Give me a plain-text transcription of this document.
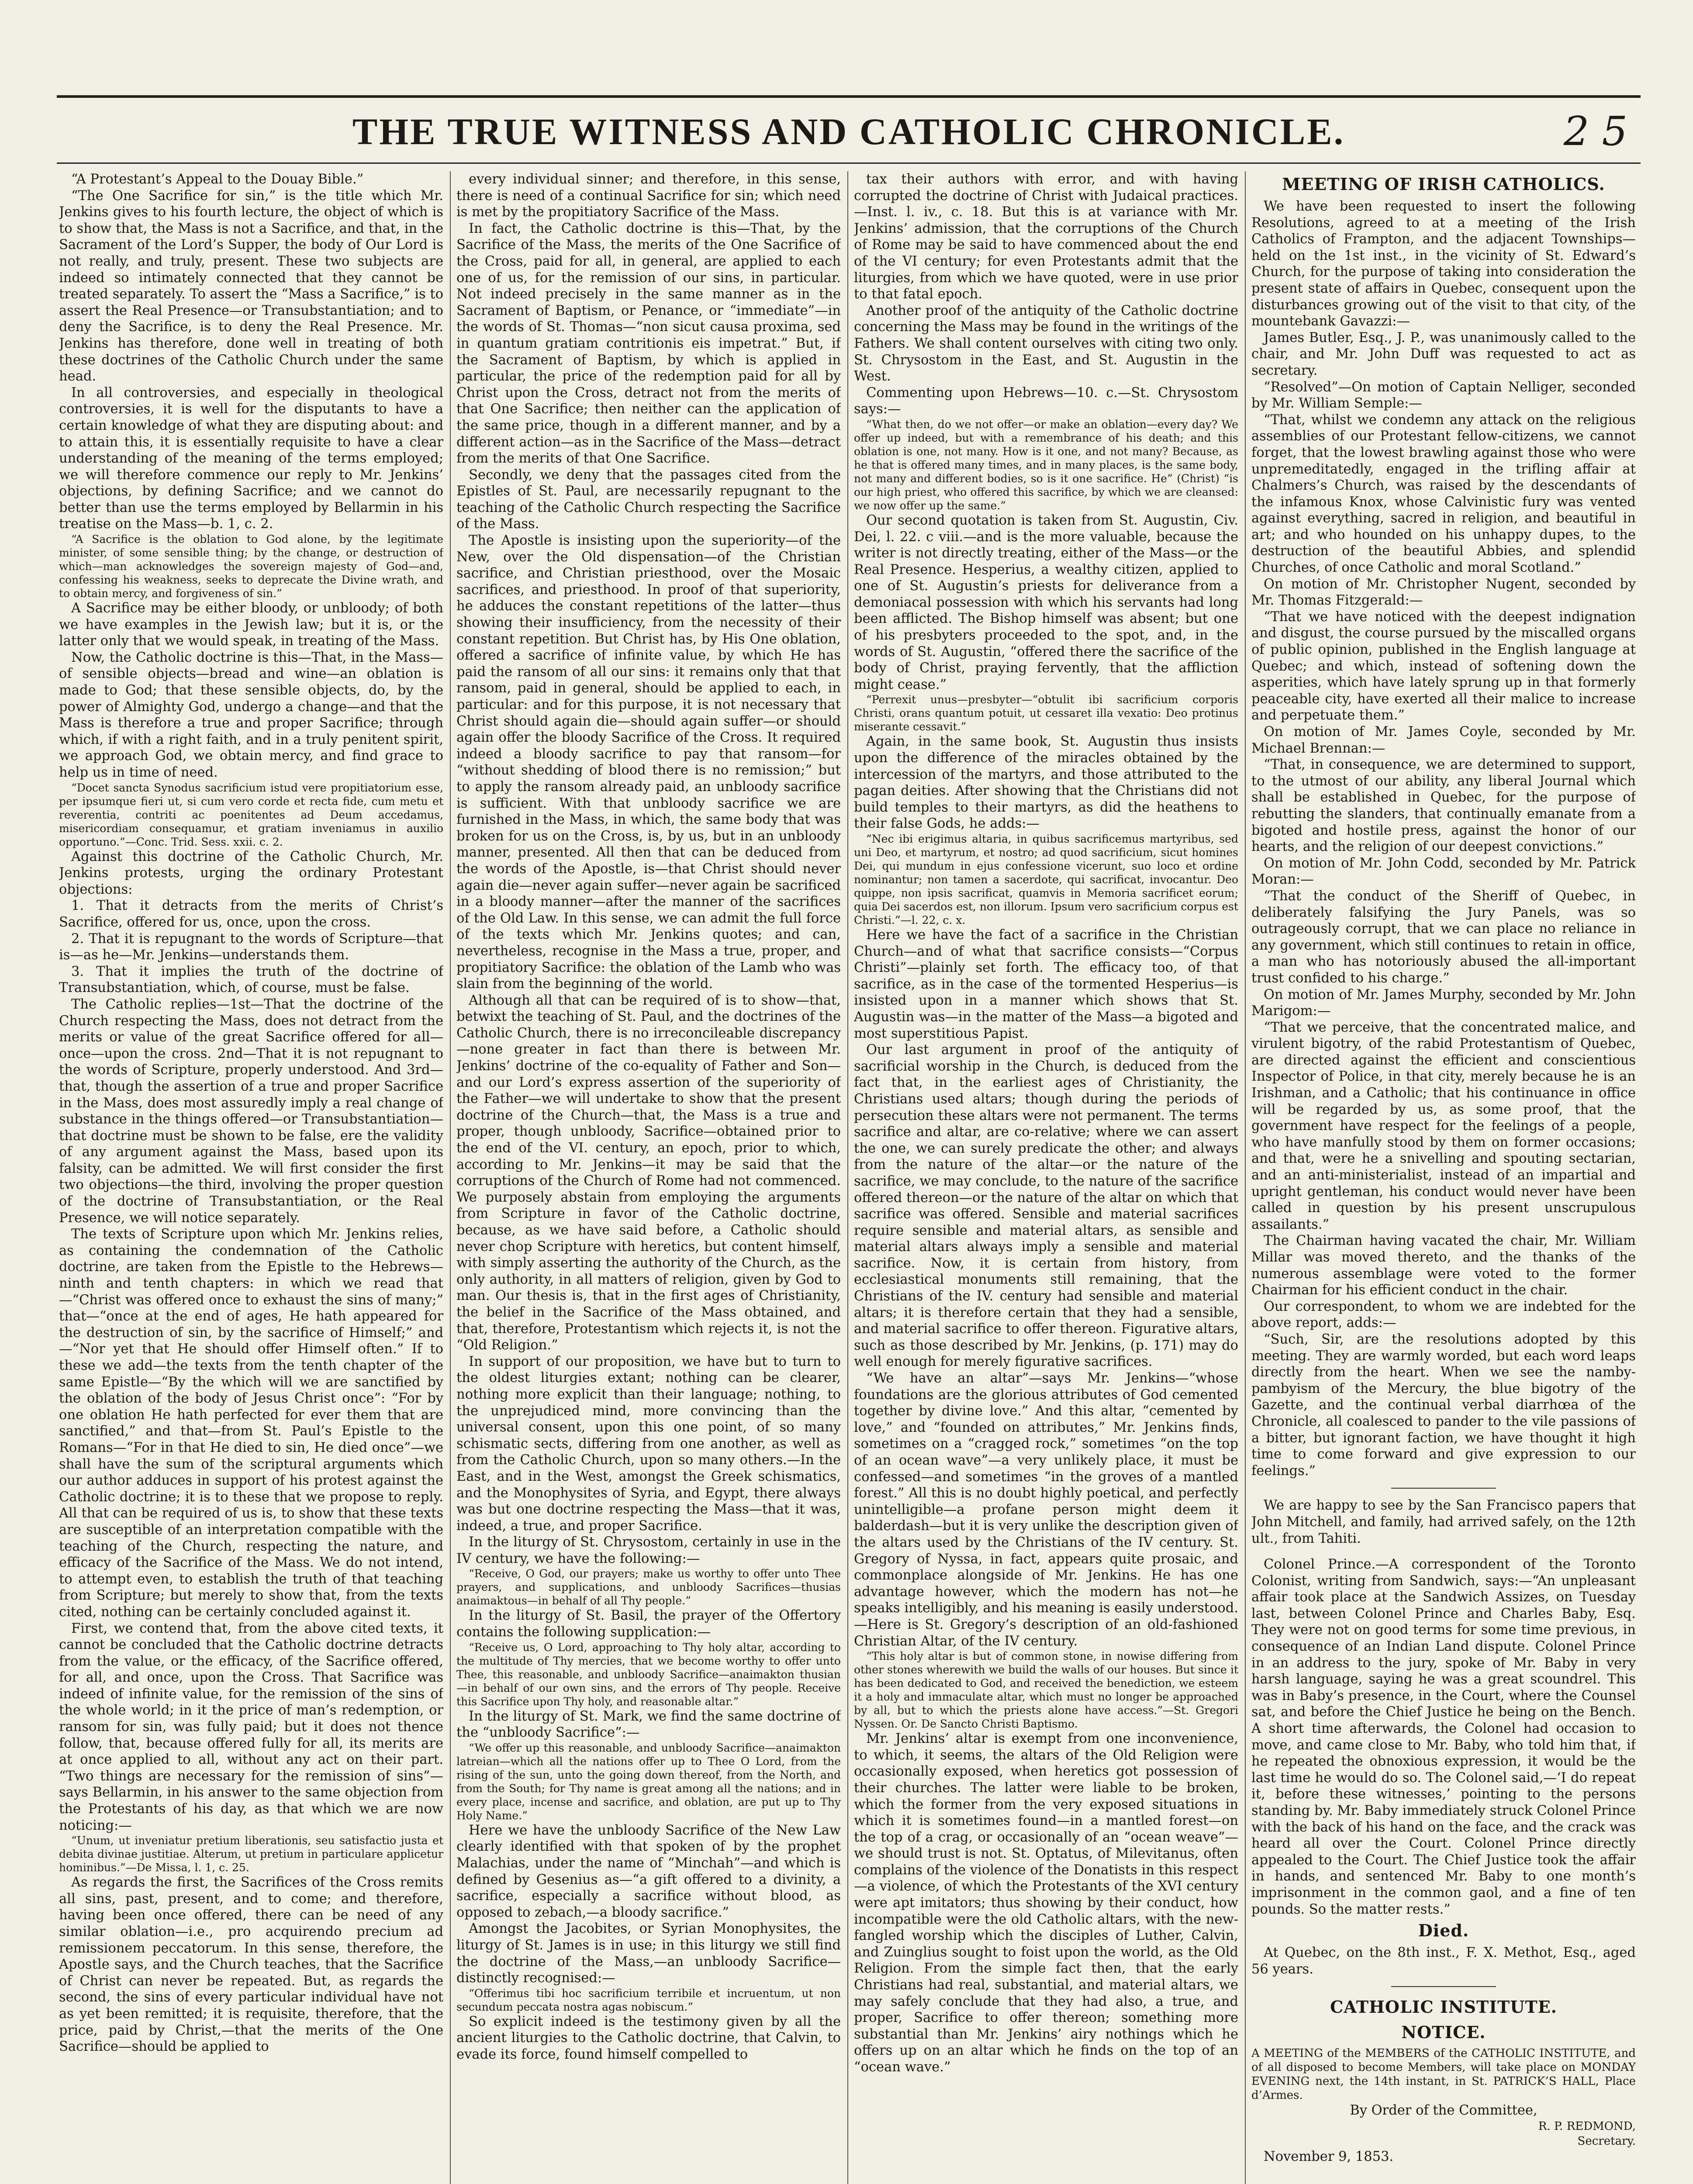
THE TRUE WITNESS AND CATHOLIC CHRONICLE.	2 5

“A Protestant’s Appeal to the Douay Bible.”

“The One Sacrifice for sin,” is the title which Mr. Jenkins gives to his fourth lecture, the object of which is to show that, the Mass is not a Sacrifice, and that, in the Sacrament of the Lord’s Supper, the body of Our Lord is not really, and truly, present. These two subjects are indeed so intimately connected that they cannot be treated separately. To assert the “Mass a Sacrifice,” is to assert the Real Presence—or Transubstantiation; and to deny the Sacrifice, is to deny the Real Presence. Mr. Jenkins has therefore, done well in treating of both these doctrines of the Catholic Church under the same head.

In all controversies, and especially in theological controversies, it is well for the disputants to have a certain knowledge of what they are disputing about: and to attain this, it is essentially requisite to have a clear understanding of the meaning of the terms employed; we will therefore commence our reply to Mr. Jenkins’ objections, by defining Sacrifice; and we cannot do better than use the terms employed by Bellarmin in his treatise on the Mass—b. 1, c. 2.

“A Sacrifice is the oblation to God alone, by the legitimate minister, of some sensible thing; by the change, or destruction of which—man acknowledges the sovereign majesty of God—and, confessing his weakness, seeks to deprecate the Divine wrath, and to obtain mercy, and forgiveness of sin.”

A Sacrifice may be either bloody, or unbloody; of both we have examples in the Jewish law; but it is, or the latter only that we would speak, in treating of the Mass.

Now, the Catholic doctrine is this—That, in the Mass—of sensible objects—bread and wine—an oblation is made to God; that these sensible objects, do, by the power of Almighty God, undergo a change—and that the Mass is therefore a true and proper Sacrifice; through which, if with a right faith, and in a truly penitent spirit, we approach God, we obtain mercy, and find grace to help us in time of need.

“Docet sancta Synodus sacrificium istud vere propitiatorium esse, per ipsumque fieri ut, si cum vero corde et recta fide, cum metu et reverentia, contriti ac poenitentes ad Deum accedamus, misericordiam consequamur, et gratiam inveniamus in auxilio opportuno.”—Conc. Trid. Sess. xxii. c. 2.

Against this doctrine of the Catholic Church, Mr. Jenkins protests, urging the ordinary Protestant objections:

1. That it detracts from the merits of Christ’s Sacrifice, offered for us, once, upon the cross.

2. That it is repugnant to the words of Scripture—that is—as he—Mr. Jenkins—understands them.

3. That it implies the truth of the doctrine of Transubstantiation, which, of course, must be false.

The Catholic replies—1st—That the doctrine of the Church respecting the Mass, does not detract from the merits or value of the great Sacrifice offered for all—once—upon the cross. 2nd—That it is not repugnant to the words of Scripture, properly understood. And 3rd—that, though the assertion of a true and proper Sacrifice in the Mass, does most assuredly imply a real change of substance in the things offered—or Transubstantiation—that doctrine must be shown to be false, ere the validity of any argument against the Mass, based upon its falsity, can be admitted. We will first consider the first two objections—the third, involving the proper question of the doctrine of Transubstantiation, or the Real Presence, we will notice separately.

The texts of Scripture upon which Mr. Jenkins relies, as containing the condemnation of the Catholic doctrine, are taken from the Epistle to the Hebrews—ninth and tenth chapters: in which we read that—“Christ was offered once to exhaust the sins of many;” that—“once at the end of ages, He hath appeared for the destruction of sin, by the sacrifice of Himself;” and—“Nor yet that He should offer Himself often.” If to these we add—the texts from the tenth chapter of the same Epistle—“By the which will we are sanctified by the oblation of the body of Jesus Christ once”: “For by one oblation He hath perfected for ever them that are sanctified,” and that—from St. Paul’s Epistle to the Romans—“For in that He died to sin, He died once”—we shall have the sum of the scriptural arguments which our author adduces in support of his protest against the Catholic doctrine; it is to these that we propose to reply. All that can be required of us is, to show that these texts are susceptible of an interpretation compatible with the teaching of the Church, respecting the nature, and efficacy of the Sacrifice of the Mass. We do not intend, to attempt even, to establish the truth of that teaching from Scripture; but merely to show that, from the texts cited, nothing can be certainly concluded against it.

First, we contend that, from the above cited texts, it cannot be concluded that the Catholic doctrine detracts from the value, or the efficacy, of the Sacrifice offered, for all, and once, upon the Cross. That Sacrifice was indeed of infinite value, for the remission of the sins of the whole world; in it the price of man’s redemption, or ransom for sin, was fully paid; but it does not thence follow, that, because offered fully for all, its merits are at once applied to all, without any act on their part. “Two things are necessary for the remission of sins”—says Bellarmin, in his answer to the same objection from the Protestants of his day, as that which we are now noticing:—

“Unum, ut inveniatur pretium liberationis, seu satisfactio justa et debita divinae justitiae. Alterum, ut pretium in particulare applicetur hominibus.”—De Missa, l. 1, c. 25.

As regards the first, the Sacrifices of the Cross remits all sins, past, present, and to come; and therefore, having been once offered, there can be need of any similar oblation—i.e., pro acquirendo precium ad remissionem peccatorum. In this sense, therefore, the Apostle says, and the Church teaches, that the Sacrifice of Christ can never be repeated. But, as regards the second, the sins of every particular individual have not as yet been remitted; it is requisite, therefore, that the price, paid by Christ,—that the merits of the One Sacrifice—should be applied to

every individual sinner; and therefore, in this sense, there is need of a continual Sacrifice for sin; which need is met by the propitiatory Sacrifice of the Mass.

In fact, the Catholic doctrine is this—That, by the Sacrifice of the Mass, the merits of the One Sacrifice of the Cross, paid for all, in general, are applied to each one of us, for the remission of our sins, in particular. Not indeed precisely in the same manner as in the Sacrament of Baptism, or Penance, or “immediate”—in the words of St. Thomas—“non sicut causa proxima, sed in quantum gratiam contritionis eis impetrat.” But, if the Sacrament of Baptism, by which is applied in particular, the price of the redemption paid for all by Christ upon the Cross, detract not from the merits of that One Sacrifice; then neither can the application of the same price, though in a different manner, and by a different action—as in the Sacrifice of the Mass—detract from the merits of that One Sacrifice.

Secondly, we deny that the passages cited from the Epistles of St. Paul, are necessarily repugnant to the teaching of the Catholic Church respecting the Sacrifice of the Mass.

The Apostle is insisting upon the superiority—of the New, over the Old dispensation—of the Christian sacrifice, and Christian priesthood, over the Mosaic sacrifices, and priesthood. In proof of that superiority, he adduces the constant repetitions of the latter—thus showing their insufficiency, from the necessity of their constant repetition. But Christ has, by His One oblation, offered a sacrifice of infinite value, by which He has paid the ransom of all our sins: it remains only that that ransom, paid in general, should be applied to each, in particular: and for this purpose, it is not necessary that Christ should again die—should again suffer—or should again offer the bloody Sacrifice of the Cross. It required indeed a bloody sacrifice to pay that ransom—for “without shedding of blood there is no remission;” but to apply the ransom already paid, an unbloody sacrifice is sufficient. With that unbloody sacrifice we are furnished in the Mass, in which, the same body that was broken for us on the Cross, is, by us, but in an unbloody manner, presented. All then that can be deduced from the words of the Apostle, is—that Christ should never again die—never again suffer—never again be sacrificed in a bloody manner—after the manner of the sacrifices of the Old Law. In this sense, we can admit the full force of the texts which Mr. Jenkins quotes; and can, nevertheless, recognise in the Mass a true, proper, and propitiatory Sacrifice: the oblation of the Lamb who was slain from the beginning of the world.

Although all that can be required of is to show—that, betwixt the teaching of St. Paul, and the doctrines of the Catholic Church, there is no irreconcileable discrepancy—none greater in fact than there is between Mr. Jenkins’ doctrine of the co-equality of Father and Son—and our Lord’s express assertion of the superiority of the Father—we will undertake to show that the present doctrine of the Church—that, the Mass is a true and proper, though unbloody, Sacrifice—obtained prior to the end of the VI. century, an epoch, prior to which, according to Mr. Jenkins—it may be said that the corruptions of the Church of Rome had not commenced. We purposely abstain from employing the arguments from Scripture in favor of the Catholic doctrine, because, as we have said before, a Catholic should never chop Scripture with heretics, but content himself, with simply asserting the authority of the Church, as the only authority, in all matters of religion, given by God to man. Our thesis is, that in the first ages of Christianity, the belief in the Sacrifice of the Mass obtained, and that, therefore, Protestantism which rejects it, is not the “Old Religion.”

In support of our proposition, we have but to turn to the oldest liturgies extant; nothing can be clearer, nothing more explicit than their language; nothing, to the unprejudiced mind, more convincing than the universal consent, upon this one point, of so many schismatic sects, differing from one another, as well as from the Catholic Church, upon so many others.—In the East, and in the West, amongst the Greek schismatics, and the Monophysites of Syria, and Egypt, there always was but one doctrine respecting the Mass—that it was, indeed, a true, and proper Sacrifice.

In the liturgy of St. Chrysostom, certainly in use in the IV century, we have the following:—

“Receive, O God, our prayers; make us worthy to offer unto Thee prayers, and supplications, and unbloody Sacrifices—thusias anaimaktous—in behalf of all Thy people.”

In the liturgy of St. Basil, the prayer of the Offertory contains the following supplication:—

“Receive us, O Lord, approaching to Thy holy altar, according to the multitude of Thy mercies, that we become worthy to offer unto Thee, this reasonable, and unbloody Sacrifice—anaimakton thusian—in behalf of our own sins, and the errors of Thy people. Receive this Sacrifice upon Thy holy, and reasonable altar.”

In the liturgy of St. Mark, we find the same doctrine of the “unbloody Sacrifice”:—

“We offer up this reasonable, and unbloody Sacrifice—anaimakton latreian—which all the nations offer up to Thee O Lord, from the rising of the sun, unto the going down thereof, from the North, and from the South; for Thy name is great among all the nations; and in every place, incense and sacrifice, and oblation, are put up to Thy Holy Name.”

Here we have the unbloody Sacrifice of the New Law clearly identified with that spoken of by the prophet Malachias, under the name of “Minchah”—and which is defined by Gesenius as—“a gift offered to a divinity, a sacrifice, especially a sacrifice without blood, as opposed to zebach,—a bloody sacrifice.”

Amongst the Jacobites, or Syrian Monophysites, the liturgy of St. James is in use; in this liturgy we still find the doctrine of the Mass,—an unbloody Sacrifice—distinctly recognised:—

“Offerimus tibi hoc sacrificium terribile et incruentum, ut non secundum peccata nostra agas nobiscum.”

So explicit indeed is the testimony given by all the ancient liturgies to the Catholic doctrine, that Calvin, to evade its force, found himself compelled to

tax their authors with error, and with having corrupted the doctrine of Christ with Judaical practices.—Inst. l. iv., c. 18. But this is at variance with Mr. Jenkins’ admission, that the corruptions of the Church of Rome may be said to have commenced about the end of the VI century; for even Protestants admit that the liturgies, from which we have quoted, were in use prior to that fatal epoch.

Another proof of the antiquity of the Catholic doctrine concerning the Mass may be found in the writings of the Fathers. We shall content ourselves with citing two only. St. Chrysostom in the East, and St. Augustin in the West.

Commenting upon Hebrews—10. c.—St. Chrysostom says:—

“What then, do we not offer—or make an oblation—every day? We offer up indeed, but with a remembrance of his death; and this oblation is one, not many. How is it one, and not many? Because, as he that is offered many times, and in many places, is the same body, not many and different bodies, so is it one sacrifice. He” (Christ) “is our high priest, who offered this sacrifice, by which we are cleansed: we now offer up the same.”

Our second quotation is taken from St. Augustin, Civ. Dei, l. 22. c viii.—and is the more valuable, because the writer is not directly treating, either of the Mass—or the Real Presence. Hesperius, a wealthy citizen, applied to one of St. Augustin’s priests for deliverance from a demoniacal possession with which his servants had long been afflicted. The Bishop himself was absent; but one of his presbyters proceeded to the spot, and, in the words of St. Augustin, “offered there the sacrifice of the body of Christ, praying fervently, that the affliction might cease.”

“Perrexit unus—presbyter—“obtulit ibi sacrificium corporis Christi, orans quantum potuit, ut cessaret illa vexatio: Deo protinus miserante cessavit.”

Again, in the same book, St. Augustin thus insists upon the difference of the miracles obtained by the intercession of the martyrs, and those attributed to the pagan deities. After showing that the Christians did not build temples to their martyrs, as did the heathens to their false Gods, he adds:—

“Nec ibi erigimus altaria, in quibus sacrificemus martyribus, sed uni Deo, et martyrum, et nostro; ad quod sacrificium, sicut homines Dei, qui mundum in ejus confessione vicerunt, suo loco et ordine nominantur; non tamen a sacerdote, qui sacrificat, invocantur. Deo quippe, non ipsis sacrificat, quamvis in Memoria sacrificet eorum; quia Dei sacerdos est, non illorum. Ipsum vero sacrificium corpus est Christi.”—l. 22, c. x.

Here we have the fact of a sacrifice in the Christian Church—and of what that sacrifice consists—“Corpus Christi”—plainly set forth. The efficacy too, of that sacrifice, as in the case of the tormented Hesperius—is insisted upon in a manner which shows that St. Augustin was—in the matter of the Mass—a bigoted and most superstitious Papist.

Our last argument in proof of the antiquity of sacrificial worship in the Church, is deduced from the fact that, in the earliest ages of Christianity, the Christians used altars; though during the periods of persecution these altars were not permanent. The terms sacrifice and altar, are co-relative; where we can assert the one, we can surely predicate the other; and always from the nature of the altar—or the nature of the sacrifice, we may conclude, to the nature of the sacrifice offered thereon—or the nature of the altar on which that sacrifice was offered. Sensible and material sacrifices require sensible and material altars, as sensible and material altars always imply a sensible and material sacrifice. Now, it is certain from history, from ecclesiastical monuments still remaining, that the Christians of the IV. century had sensible and material altars; it is therefore certain that they had a sensible, and material sacrifice to offer thereon. Figurative altars, such as those described by Mr. Jenkins, (p. 171) may do well enough for merely figurative sacrifices.

“We have an altar”—says Mr. Jenkins—“whose foundations are the glorious attributes of God cemented together by divine love.” And this altar, “cemented by love,” and “founded on attributes,” Mr. Jenkins finds, sometimes on a “cragged rock,” sometimes “on the top of an ocean wave”—a very unlikely place, it must be confessed—and sometimes “in the groves of a mantled forest.” All this is no doubt highly poetical, and perfectly unintelligible—a profane person might deem it balderdash—but it is very unlike the description given of the altars used by the Christians of the IV century. St. Gregory of Nyssa, in fact, appears quite prosaic, and commonplace alongside of Mr. Jenkins. He has one advantage however, which the modern has not—he speaks intelligibly, and his meaning is easily understood.—Here is St. Gregory’s description of an old-fashioned Christian Altar, of the IV century.

“This holy altar is but of common stone, in nowise differing from other stones wherewith we build the walls of our houses. But since it has been dedicated to God, and received the benediction, we esteem it a holy and immaculate altar, which must no longer be approached by all, but to which the priests alone have access.”—St. Gregori Nyssen. Or. De Sancto Christi Baptismo.

Mr. Jenkins’ altar is exempt from one inconvenience, to which, it seems, the altars of the Old Religion were occasionally exposed, when heretics got possession of their churches. The latter were liable to be broken, which the former from the very exposed situations in which it is sometimes found—in a mantled forest—on the top of a crag, or occasionally of an “ocean weave”—we should trust is not. St. Optatus, of Milevitanus, often complains of the violence of the Donatists in this respect—a violence, of which the Protestants of the XVI century were apt imitators; thus showing by their conduct, how incompatible were the old Catholic altars, with the new-fangled worship which the disciples of Luther, Calvin, and Zuinglius sought to foist upon the world, as the Old Religion. From the simple fact then, that the early Christians had real, substantial, and material altars, we may safely conclude that they had also, a true, and proper, Sacrifice to offer thereon; something more substantial than Mr. Jenkins’ airy nothings which he offers up on an altar which he finds on the top of an “ocean wave.”

MEETING OF IRISH CATHOLICS.

We have been requested to insert the following Resolutions, agreed to at a meeting of the Irish Catholics of Frampton, and the adjacent Townships—held on the 1st inst., in the vicinity of St. Edward’s Church, for the purpose of taking into consideration the present state of affairs in Quebec, consequent upon the disturbances growing out of the visit to that city, of the mountebank Gavazzi:—

James Butler, Esq., J. P., was unanimously called to the chair, and Mr. John Duff was requested to act as secretary.

“Resolved”—On motion of Captain Nelliger, seconded by Mr. William Semple:—

“That, whilst we condemn any attack on the religious assemblies of our Protestant fellow-citizens, we cannot forget, that the lowest brawling against those who were unpremeditatedly, engaged in the trifling affair at Chalmers’s Church, was raised by the descendants of the infamous Knox, whose Calvinistic fury was vented against everything, sacred in religion, and beautiful in art; and who hounded on his unhappy dupes, to the destruction of the beautiful Abbies, and splendid Churches, of once Catholic and moral Scotland.”

On motion of Mr. Christopher Nugent, seconded by Mr. Thomas Fitzgerald:—

“That we have noticed with the deepest indignation and disgust, the course pursued by the miscalled organs of public opinion, published in the English language at Quebec; and which, instead of softening down the asperities, which have lately sprung up in that formerly peaceable city, have exerted all their malice to increase and perpetuate them.”

On motion of Mr. James Coyle, seconded by Mr. Michael Brennan:—

“That, in consequence, we are determined to support, to the utmost of our ability, any liberal Journal which shall be established in Quebec, for the purpose of rebutting the slanders, that continually emanate from a bigoted and hostile press, against the honor of our hearts, and the religion of our deepest convictions.”

On motion of Mr. John Codd, seconded by Mr. Patrick Moran:—

“That the conduct of the Sheriff of Quebec, in deliberately falsifying the Jury Panels, was so outrageously corrupt, that we can place no reliance in any government, which still continues to retain in office, a man who has notoriously abused the all-important trust confided to his charge.”

On motion of Mr. James Murphy, seconded by Mr. John Marigom:—

“That we perceive, that the concentrated malice, and virulent bigotry, of the rabid Protestantism of Quebec, are directed against the efficient and conscientious Inspector of Police, in that city, merely because he is an Irishman, and a Catholic; that his continuance in office will be regarded by us, as some proof, that the government have respect for the feelings of a people, who have manfully stood by them on former occasions; and that, were he a snivelling and spouting sectarian, and an anti-ministerialist, instead of an impartial and upright gentleman, his conduct would never have been called in question by his present unscrupulous assailants.”

The Chairman having vacated the chair, Mr. William Millar was moved thereto, and the thanks of the numerous assemblage were voted to the former Chairman for his efficient conduct in the chair.

Our correspondent, to whom we are indebted for the above report, adds:—

“Such, Sir, are the resolutions adopted by this meeting. They are warmly worded, but each word leaps directly from the heart. When we see the namby-pambyism of the Mercury, the blue bigotry of the Gazette, and the continual verbal diarrhœa of the Chronicle, all coalesced to pander to the vile passions of a bitter, but ignorant faction, we have thought it high time to come forward and give expression to our feelings.”

We are happy to see by the San Francisco papers that John Mitchell, and family, had arrived safely, on the 12th ult., from Tahiti.

Colonel Prince.—A correspondent of the Toronto Colonist, writing from Sandwich, says:—“An unpleasant affair took place at the Sandwich Assizes, on Tuesday last, between Colonel Prince and Charles Baby, Esq. They were not on good terms for some time previous, in consequence of an Indian Land dispute. Colonel Prince in an address to the jury, spoke of Mr. Baby in very harsh language, saying he was a great scoundrel. This was in Baby’s presence, in the Court, where the Counsel sat, and before the Chief Justice he being on the Bench. A short time afterwards, the Colonel had occasion to move, and came close to Mr. Baby, who told him that, if he repeated the obnoxious expression, it would be the last time he would do so. The Colonel said,—‘I do repeat it, before these witnesses,’ pointing to the persons standing by. Mr. Baby immediately struck Colonel Prince with the back of his hand on the face, and the crack was heard all over the Court. Colonel Prince directly appealed to the Court. The Chief Justice took the affair in hands, and sentenced Mr. Baby to one month’s imprisonment in the common gaol, and a fine of ten pounds. So the matter rests.”

Died.

At Quebec, on the 8th inst., F. X. Methot, Esq., aged 56 years.

CATHOLIC INSTITUTE.

NOTICE.

A MEETING of the MEMBERS of the CATHOLIC INSTITUTE, and of all disposed to become Members, will take place on MONDAY EVENING next, the 14th instant, in St. PATRICK’S HALL, Place d’Armes.

By Order of the Committee,

R. P. REDMOND,

Secretary.

November 9, 1853.
